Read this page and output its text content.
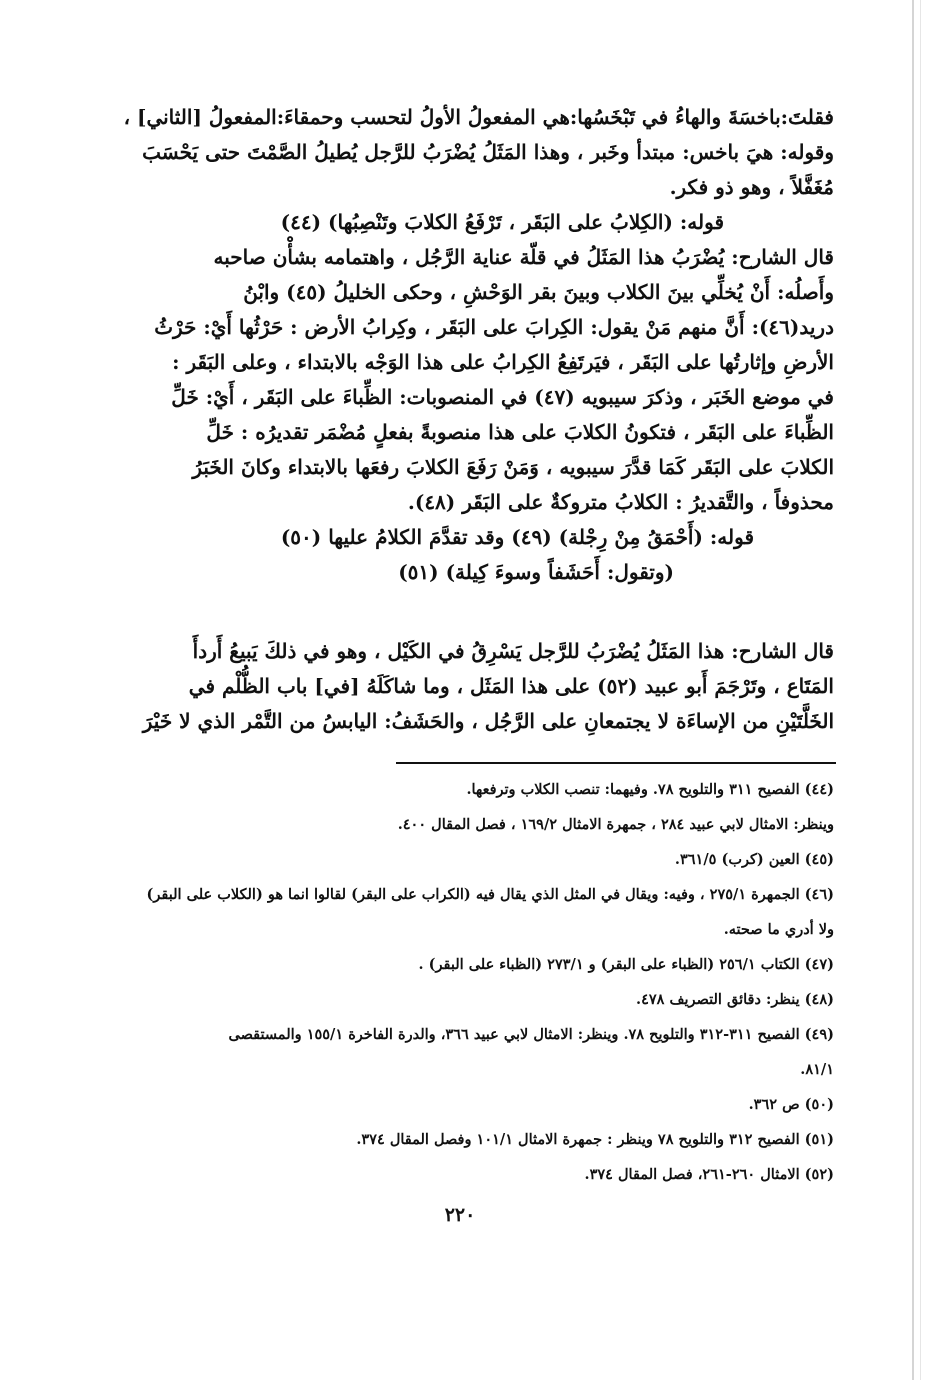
فقلتَ:باخسَةَ والهاءُ في تَبْخَسُها:هي المفعولُ الأولُ لتحسب وحمقاءَ:المفعولُ [الثاني] ،

وقوله: هيَ باخس: مبتدأ وخَبر ، وهذا المَثَلُ يُضْرَبُ للرَّجل يُطيلُ الصَّمْتَ حتى يَحْسَبَ

مُغَفَّلاً ، وهو ذو فكر.

قوله: (الكِلابُ على البَقَر ، تَرْفَعُ الكلابَ وتَنْصِبُها) (٤٤)

قال الشارح: يُضْرَبُ هذا المَثَلُ في قلّة عناية الرَّجُل ، واهتمامه بشأْن صاحبه

وأَصلُه: أَنْ يُخلِّي بينَ الكلاب وبينَ بقر الوَحْشِ ، وحكى الخليلُ (٤٥) وابْنُ

دريد(٤٦): أَنَّ منهم مَنْ يقول: الكِرابَ على البَقَر ، وكِرابُ الأرض : حَرْثُها أَيْ: حَرْثُ

الأرضِ وإثارتُها على البَقَر ، فيَرتَفِعُ الكِرابُ على هذا الوَجْه بالابتداء ، وعلى البَقَر :

في موضع الخَبَر ، وذكرَ سيبويه (٤٧) في المنصوبات: الظِّباءَ على البَقَر ، أَيْ: خَلِّ

الظِّباءَ على البَقَر ، فتكونُ الكلابَ على هذا منصوبةً بفعلٍ مُضْمَر تقديرُه : خَلِّ

الكلابَ على البَقَر كَمَا قدَّرَ سيبويه ، وَمَنْ رَفَعَ الكلابَ رفعَها بالابتداء وكانَ الخَبَرُ

محذوفاً ، والتَّقديرُ : الكلابُ متروكةٌ على البَقَر (٤٨).

قوله: (أَحْمَقُ مِنْ رِجْلة) (٤٩) وقد تقدَّمَ الكلامُ عليها (٥٠)

(وتقول: أَحَشَفاً وسوءَ كِيلة) (٥١)

قال الشارح: هذا المَثَلُ يُضْرَبُ للرَّجل يَسْرِقُ في الكَيْل ، وهو في ذلكَ يَبيعُ أَردأَ

المَتَاع ، وتَرْجَمَ أَبو عبيد (٥٢) على هذا المَثَل ، وما شاكَلَهُ [في] باب الظُّلْم في

الخَلَّتَيْنِ من الإساءَة لا يجتمعانِ على الرَّجُل ، والحَشَفُ: اليابسُ من التَّمْر الذي لا خَيْرَ

(٤٤) الفصيح ٣١١ والتلويح ٧٨. وفيهما: تنصب الكلاب وترفعها.

وينظر: الامثال لابي عبيد ٢٨٤ ، جمهرة الامثال ١٦٩/٢ ، فصل المقال ٤٠٠.

(٤٥) العين (كرب) ٣٦١/٥.

(٤٦) الجمهرة ٢٧٥/١ ، وفيه: ويقال في المثل الذي يقال فيه (الكراب على البقر) لقالوا انما هو (الكلاب على البقر)

ولا أدري ما صحته.

(٤٧) الكتاب ٢٥٦/١ (الظباء على البقر) و ٢٧٣/١ (الظباء على البقر) .

(٤٨) ينظر: دقائق التصريف ٤٧٨.

(٤٩) الفصيح ٣١١-٣١٢ والتلويح ٧٨. وينظر: الامثال لابي عبيد ٣٦٦، والدرة الفاخرة ١٥٥/١ والمستقصى

٨١/١.

(٥٠) ص ٣٦٢.

(٥١) الفصيح ٣١٢ والتلويح ٧٨ وينظر : جمهرة الامثال ١٠١/١ وفصل المقال ٣٧٤.

(٥٢) الامثال ٢٦٠-٢٦١، فصل المقال ٣٧٤.

٢٢٠
